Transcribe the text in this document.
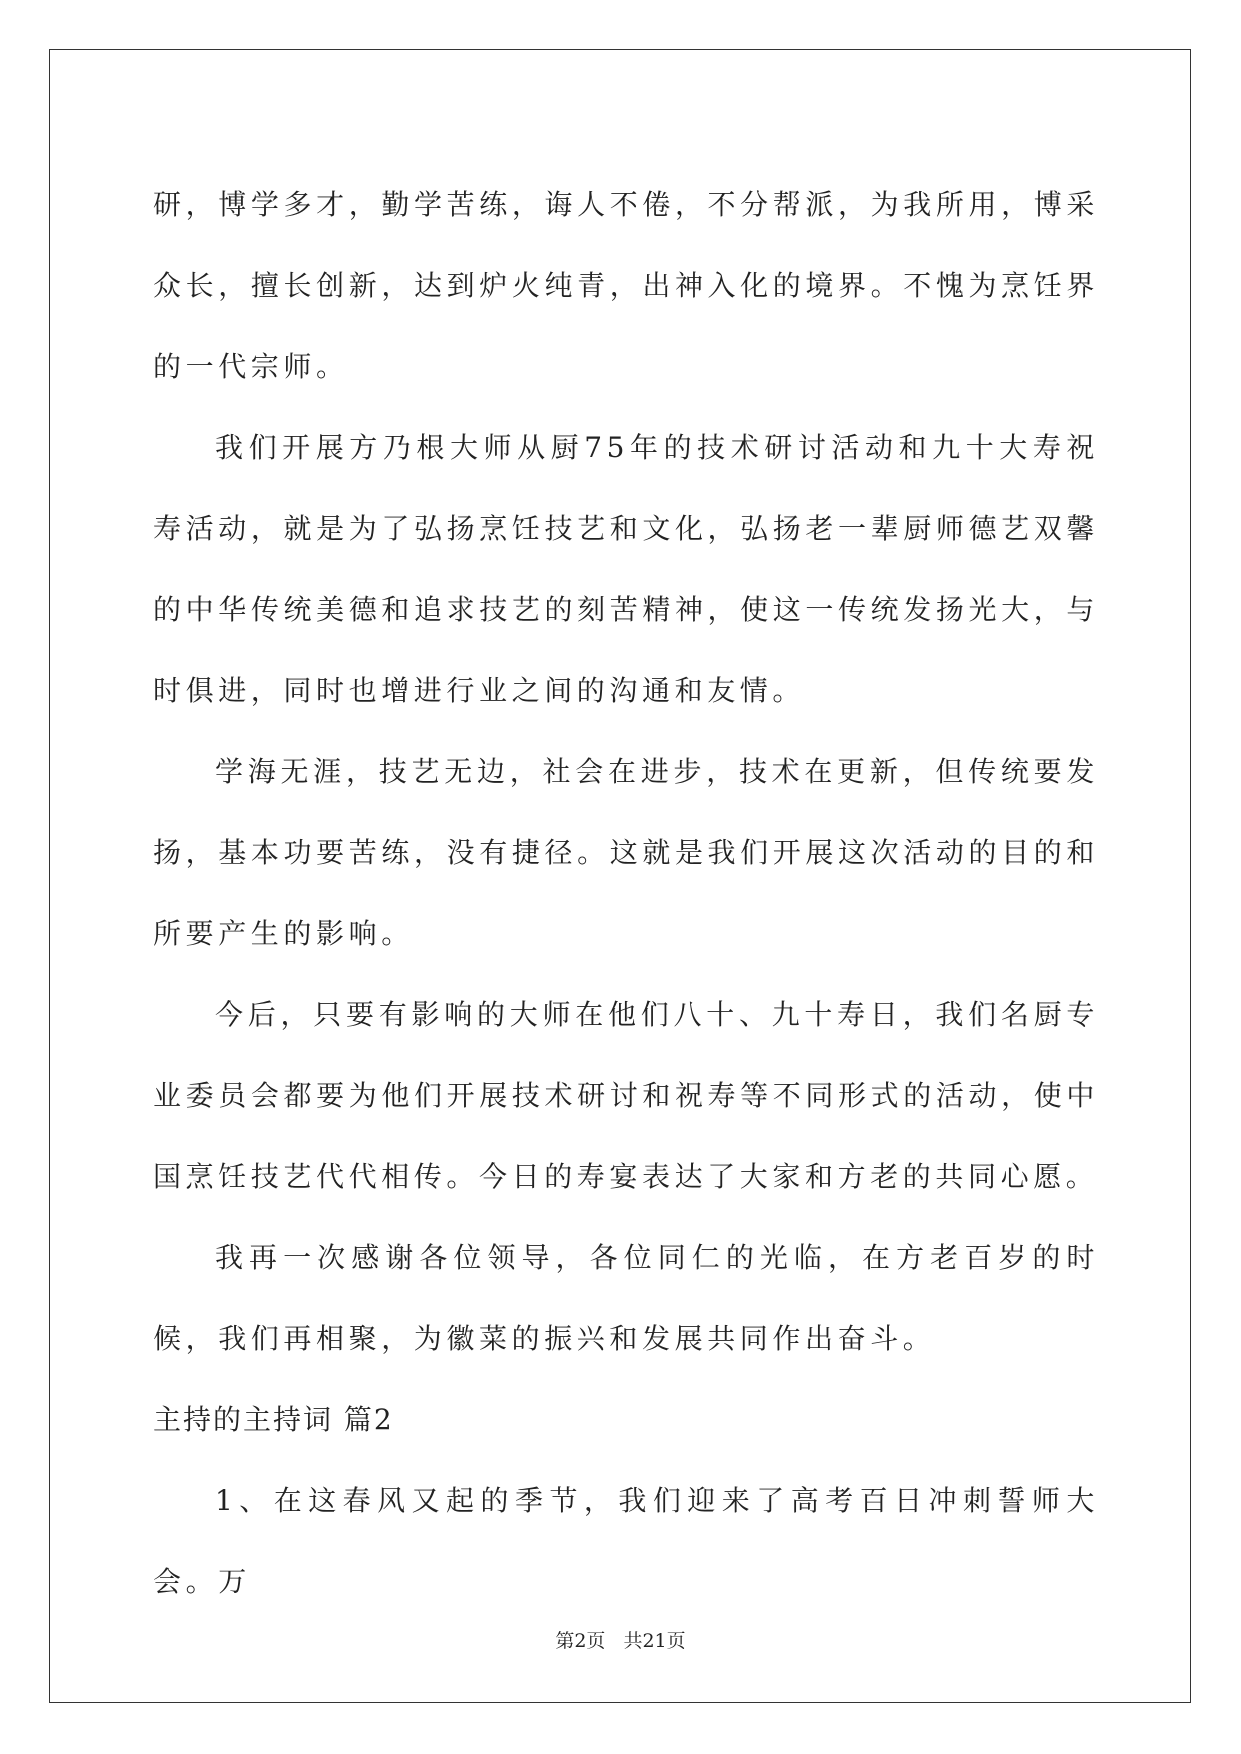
研，博学多才，勤学苦练，诲人不倦，不分帮派，为我所用，博采众长，擅长创新，达到炉火纯青，出神入化的境界。不愧为烹饪界的一代宗师。

我们开展方乃根大师从厨75年的技术研讨活动和九十大寿祝寿活动，就是为了弘扬烹饪技艺和文化，弘扬老一辈厨师德艺双馨的中华传统美德和追求技艺的刻苦精神，使这一传统发扬光大，与时俱进，同时也增进行业之间的沟通和友情。

学海无涯，技艺无边，社会在进步，技术在更新，但传统要发扬，基本功要苦练，没有捷径。这就是我们开展这次活动的目的和所要产生的影响。

今后，只要有影响的大师在他们八十、九十寿日，我们名厨专业委员会都要为他们开展技术研讨和祝寿等不同形式的活动，使中国烹饪技艺代代相传。今日的寿宴表达了大家和方老的共同心愿。

我再一次感谢各位领导，各位同仁的光临，在方老百岁的时候，我们再相聚，为徽菜的振兴和发展共同作出奋斗。

主持的主持词 篇2

1、在这春风又起的季节，我们迎来了高考百日冲刺誓师大会。万

第2页 共21页
